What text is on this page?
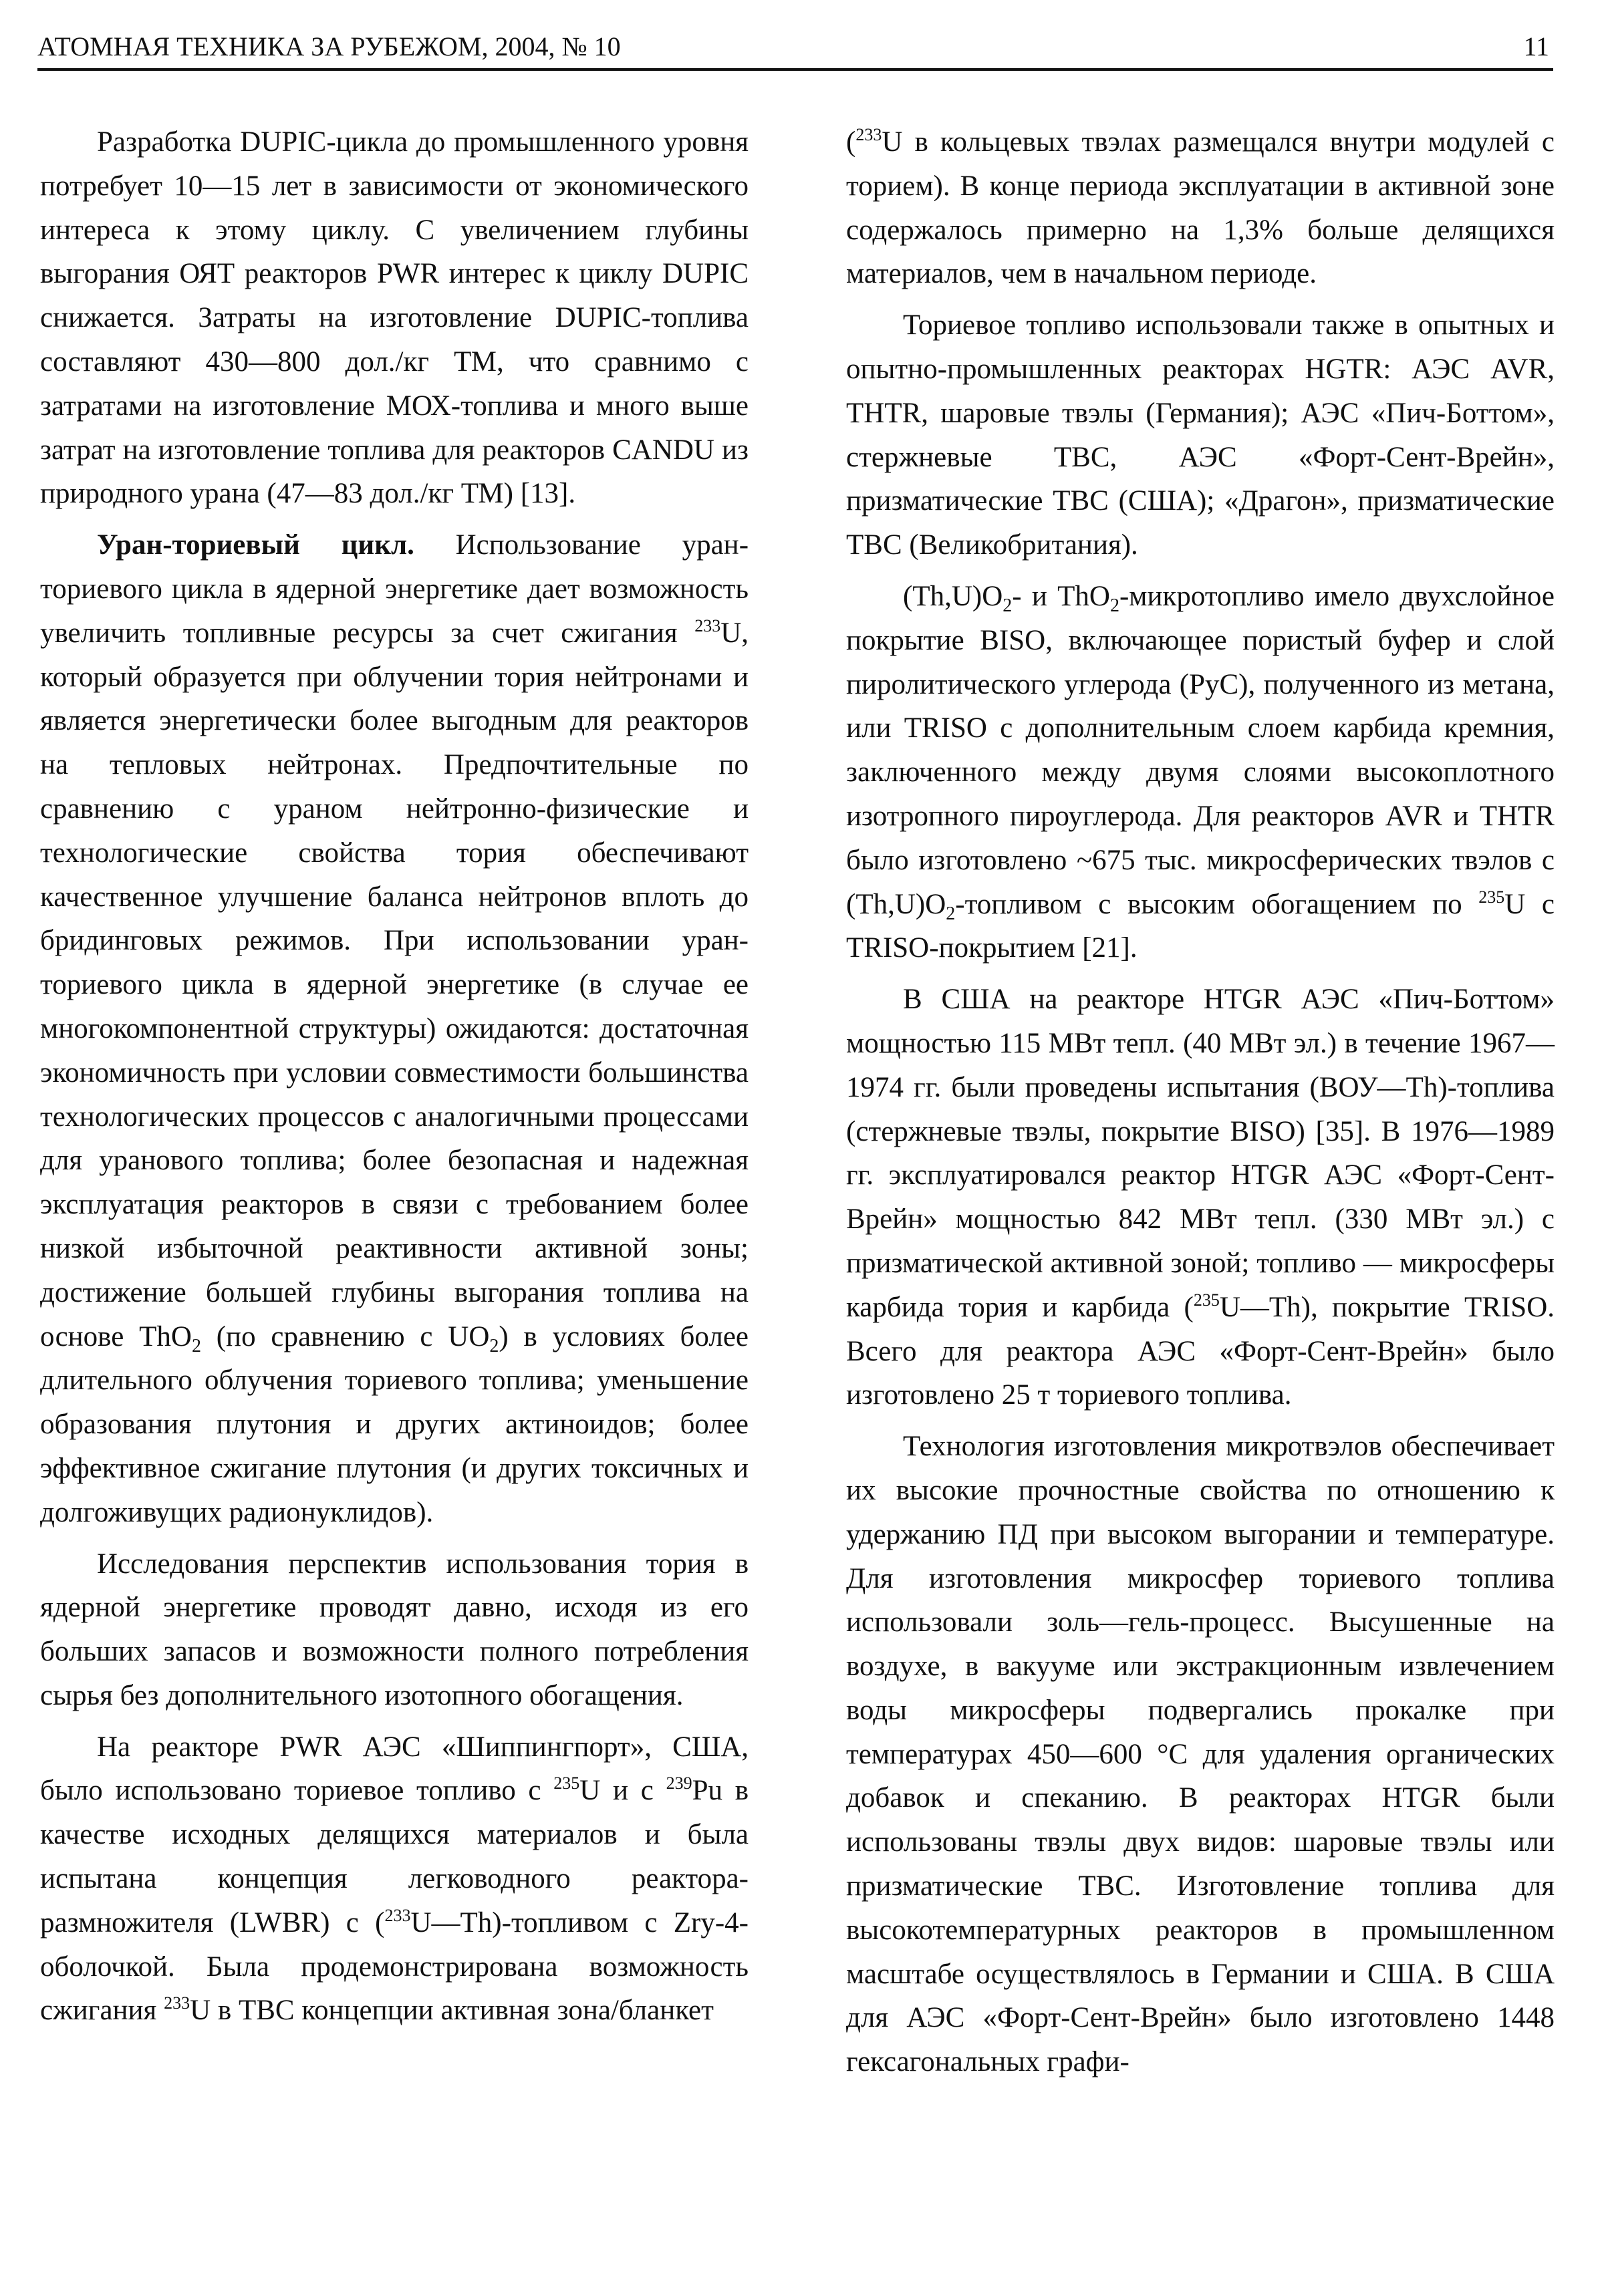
АТОМНАЯ ТЕХНИКА ЗА РУБЕЖОМ, 2004, № 10	11

Разработка DUPIC-цикла до промышленного уровня потребует 10—15 лет в зависимости от экономического интереса к этому циклу. С увеличением глубины выгорания ОЯТ реакторов PWR интерес к циклу DUPIC снижается. Затраты на изготовление DUPIC-топлива составляют 430—800 дол./кг ТМ, что сравнимо с затратами на изготовление МОХ-топлива и много выше затрат на изготовление топлива для реакторов CANDU из природного урана (47—83 дол./кг ТМ) [13].

Уран-ториевый цикл. Использование уран-ториевого цикла в ядерной энергетике дает возможность увеличить топливные ресурсы за счет сжигания $^{233}$U, который образуется при облучении тория нейтронами и является энергетически более выгодным для реакторов на тепловых нейтронах. Предпочтительные по сравнению с ураном нейтронно-физические и технологические свойства тория обеспечивают качественное улучшение баланса нейтронов вплоть до бридинговых режимов. При использовании уран-ториевого цикла в ядерной энергетике (в случае ее многокомпонентной структуры) ожидаются: достаточная экономичность при условии совместимости большинства технологических процессов с аналогичными процессами для уранового топлива; более безопасная и надежная эксплуатация реакторов в связи с требованием более низкой избыточной реактивности активной зоны; достижение большей глубины выгорания топлива на основе ThO$_2$ (по сравнению с $UO_2$) в условиях более длительного облучения ториевого топлива; уменьшение образования плутония и других актиноидов; более эффективное сжигание плутония (и других токсичных и долгоживущих радионуклидов).

Исследования перспектив использования тория в ядерной энергетике проводят давно, исходя из его больших запасов и возможности полного потребления сырья без дополнительного изотопного обогащения.

На реакторе PWR АЭС «Шиппингпорт», США, было использовано ториевое топливо с $^{235}$U и с $^{239}$Pu в качестве исходных делящихся материалов и была испытана концепция легководного реактора-размножителя (LWBR) с ($^{233}$U—Th)-топливом с Zry-4-оболочкой. Была продемонстрирована возможность сжигания $^{233}$U в ТВС концепции активная зона/бланкет

($^{233}$U в кольцевых твэлах размещался внутри модулей с торием). В конце периода эксплуатации в активной зоне содержалось примерно на 1,3% больше делящихся материалов, чем в начальном периоде.

Ториевое топливо использовали также в опытных и опытно-промышленных реакторах HGTR: АЭС AVR, THTR, шаровые твэлы (Германия); АЭС «Пич-Боттом», стержневые ТВС, АЭС «Форт-Сент-Врейн», призматические ТВС (США); «Драгон», призматические ТВС (Великобритания).

$(Th,U)O_2-$ и ThO$_2$-микротопливо имело двухслойное покрытие BISO, включающее пористый буфер и слой пиролитического углерода (PyC), полученного из метана, или TRISO с дополнительным слоем карбида кремния, заключенного между двумя слоями высокоплотного изотропного пироуглерода. Для реакторов AVR и THTR было изготовлено ~675 тыс. микросферических твэлов с $(Th,U)O_2$-топливом с высоким обогащением по $^{235}$U с TRISO-покрытием [21].

В США на реакторе HTGR АЭС «Пич-Боттом» мощностью 115 МВт тепл. (40 МВт эл.) в течение 1967—1974 гг. были проведены испытания (ВОУ—Th)-топлива (стержневые твэлы, покрытие BISO) [35]. В 1976—1989 гг. эксплуатировался реактор HTGR АЭС «Форт-Сент-Врейн» мощностью 842 МВт тепл. (330 МВт эл.) с призматической активной зоной; топливо — микросферы карбида тория и карбида ($^{235}$U—Th), покрытие TRISO. Всего для реактора АЭС «Форт-Сент-Врейн» было изготовлено 25 т ториевого топлива.

Технология изготовления микротвэлов обеспечивает их высокие прочностные свойства по отношению к удержанию ПД при высоком выгорании и температуре. Для изготовления микросфер ториевого топлива использовали золь—гель-процесс. Высушенные на воздухе, в вакууме или экстракционным извлечением воды микросферы подвергались прокалке при температурах 450—600 °С для удаления органических добавок и спеканию. В реакторах HTGR были использованы твэлы двух видов: шаровые твэлы или призматические ТВС. Изготовление топлива для высокотемпературных реакторов в промышленном масштабе осуществлялось в Германии и США. В США для АЭС «Форт-Сент-Врейн» было изготовлено 1448 гексагональных графи-
